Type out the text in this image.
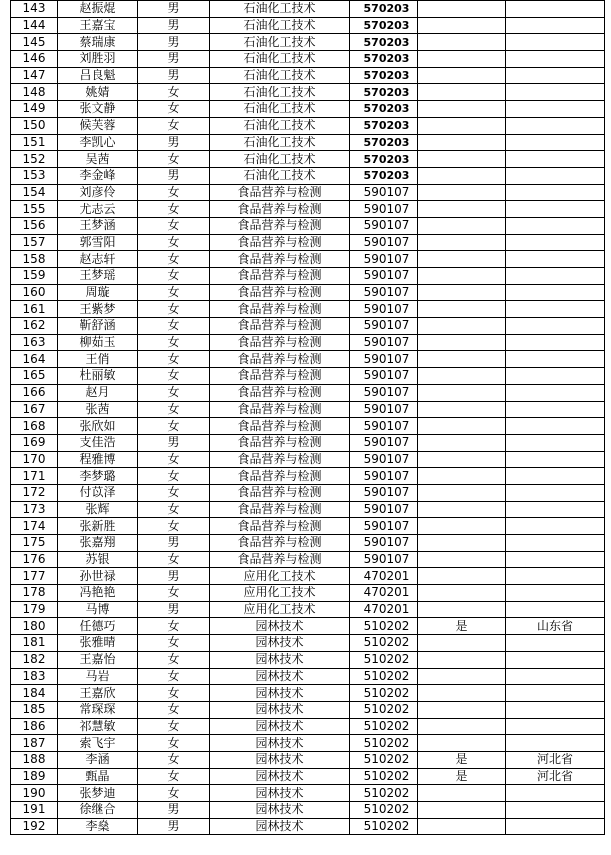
143	赵振焜	男	石油化工技术	570203		
144	王嘉宝	男	石油化工技术	570203		
145	蔡瑞康	男	石油化工技术	570203		
146	刘胜羽	男	石油化工技术	570203		
147	吕良魁	男	石油化工技术	570203		
148	姚婧	女	石油化工技术	570203		
149	张文静	女	石油化工技术	570203		
150	候芙蓉	女	石油化工技术	570203		
151	李凯心	男	石油化工技术	570203		
152	吴茜	女	石油化工技术	570203		
153	李金峰	男	石油化工技术	570203		
154	刘彦伶	女	食品营养与检测	590107		
155	尤志云	女	食品营养与检测	590107		
156	王梦涵	女	食品营养与检测	590107		
157	郭雪阳	女	食品营养与检测	590107		
158	赵志轩	女	食品营养与检测	590107		
159	王梦瑶	女	食品营养与检测	590107		
160	周璇	女	食品营养与检测	590107		
161	王紫梦	女	食品营养与检测	590107		
162	靳舒涵	女	食品营养与检测	590107		
163	柳茹玉	女	食品营养与检测	590107		
164	王俏	女	食品营养与检测	590107		
165	杜丽敏	女	食品营养与检测	590107		
166	赵月	女	食品营养与检测	590107		
167	张茜	女	食品营养与检测	590107		
168	张欣如	女	食品营养与检测	590107		
169	支佳浩	男	食品营养与检测	590107		
170	程雅博	女	食品营养与检测	590107		
171	李梦璐	女	食品营养与检测	590107		
172	付苡泽	女	食品营养与检测	590107		
173	张辉	女	食品营养与检测	590107		
174	张新胜	女	食品营养与检测	590107		
175	张嘉翔	男	食品营养与检测	590107		
176	苏银	女	食品营养与检测	590107		
177	孙世禄	男	应用化工技术	470201		
178	冯艳艳	女	应用化工技术	470201		
179	马博	男	应用化工技术	470201		
180	任德巧	女	园林技术	510202	是	山东省
181	张雅晴	女	园林技术	510202		
182	王嘉怡	女	园林技术	510202		
183	马岩	女	园林技术	510202		
184	王嘉欣	女	园林技术	510202		
185	常琛琛	女	园林技术	510202		
186	祁慧敏	女	园林技术	510202		
187	索飞宇	女	园林技术	510202		
188	李涵	女	园林技术	510202	是	河北省
189	甄晶	女	园林技术	510202	是	河北省
190	张梦迪	女	园林技术	510202		
191	徐继合	男	园林技术	510202		
192	李燊	男	园林技术	510202		
